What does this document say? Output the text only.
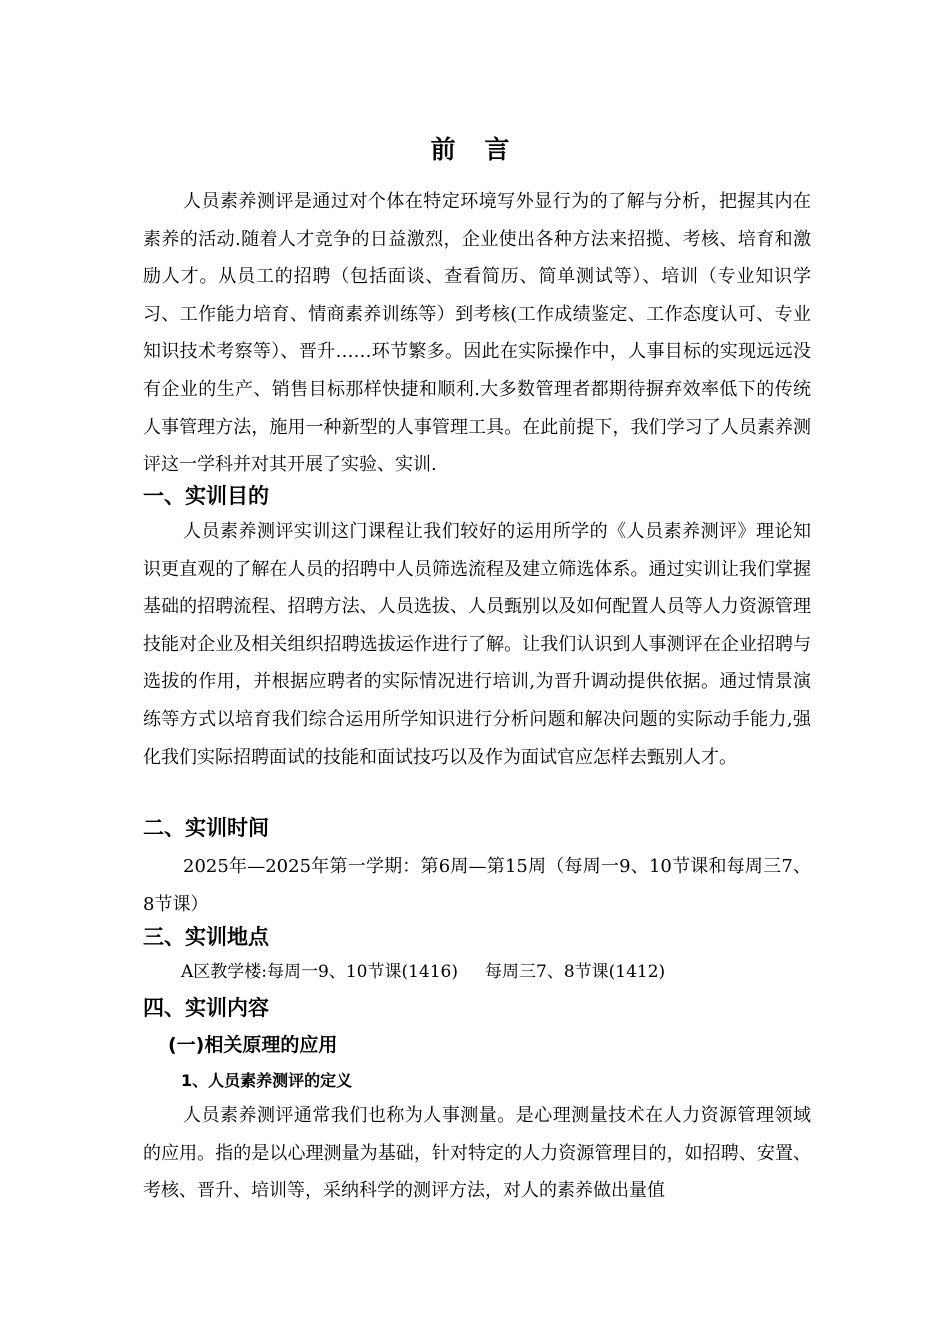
前 言

人员素养测评是通过对个体在特定环境写外显行为的了解与分析，把握其内在素养的活动.随着人才竞争的日益激烈，企业使出各种方法来招揽、考核、培育和激励人才。从员工的招聘（包括面谈、查看简历、简单测试等）、培训（专业知识学习、工作能力培育、情商素养训练等）到考核(工作成绩鉴定、工作态度认可、专业知识技术考察等）、晋升……环节繁多。因此在实际操作中，人事目标的实现远远没有企业的生产、销售目标那样快捷和顺利.大多数管理者都期待摒弃效率低下的传统人事管理方法，施用一种新型的人事管理工具。在此前提下，我们学习了人员素养测评这一学科并对其开展了实验、实训.

一、实训目的

人员素养测评实训这门课程让我们较好的运用所学的《人员素养测评》理论知识更直观的了解在人员的招聘中人员筛选流程及建立筛选体系。通过实训让我们掌握基础的招聘流程、招聘方法、人员选拔、人员甄别以及如何配置人员等人力资源管理技能对企业及相关组织招聘选拔运作进行了解。让我们认识到人事测评在企业招聘与选拔的作用，并根据应聘者的实际情况进行培训,为晋升调动提供依据。通过情景演练等方式以培育我们综合运用所学知识进行分析问题和解决问题的实际动手能力,强化我们实际招聘面试的技能和面试技巧以及作为面试官应怎样去甄别人才。

二、实训时间

2025年—2025年第一学期：第6周—第15周（每周一9、10节课和每周三7、8节课）

三、实训地点

A区教学楼:每周一9、10节课(1416)     每周三7、8节课(1412)

四、实训内容
(一)相关原理的应用
1、人员素养测评的定义

人员素养测评通常我们也称为人事测量。是心理测量技术在人力资源管理领域的应用。指的是以心理测量为基础，针对特定的人力资源管理目的，如招聘、安置、考核、晋升、培训等，采纳科学的测评方法，对人的素养做出量值
